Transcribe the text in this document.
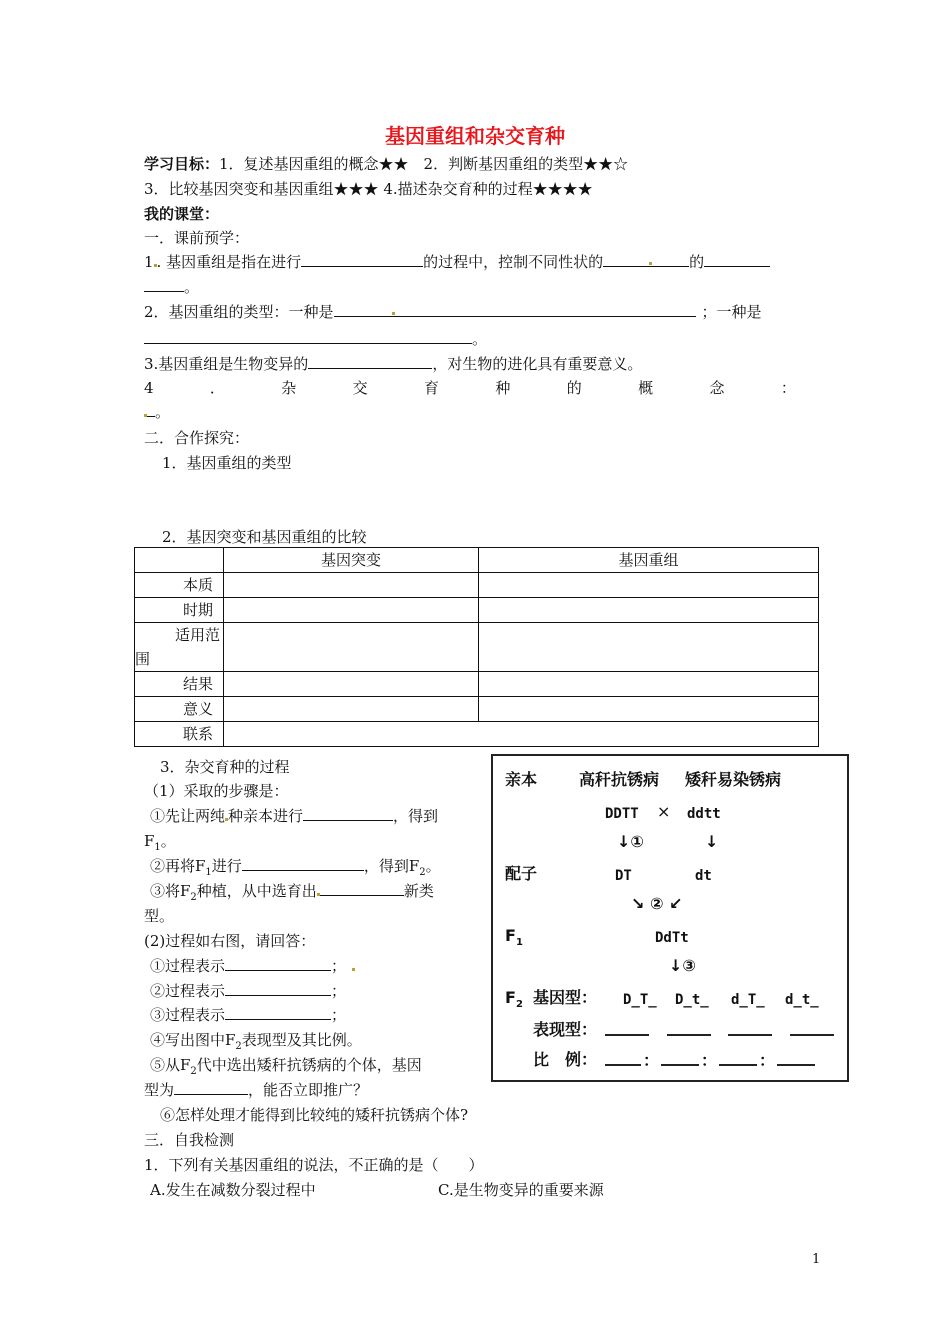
基因重组和杂交育种
学习目标：1．复述基因重组的概念★★　2．判断基因重组的类型★★☆
3．比较基因突变和基因重组★★★ 4.描述杂交育种的过程★★★★
我的课堂：
一．课前预学：
1 . 基因重组是指在进行	的过程中，控制不同性状的	的
。
2．基因重组的类型：一种是	；一种是
。
3.基因重组是生物变异的	，对生物的进化具有重要意义。
4	．	杂	交	育	种	的	概	念	：
。
二．合作探究：
1．基因重组的类型
2．基因突变和基因重组的比较
	基因突变	基因重组
本质		
时期		
适用范围		
结果		
意义		
联系		
3．杂交育种的过程
（1）采取的步骤是：
①先让两纯 种亲本进行	，得到
$F_1$。
②再将$F_1$进行	，得到$F_2$。
③将$F_2$种植，从中选育出	新类
型。
(2)过程如右图，请回答：
①过程表示	；
②过程表示	；
③过程表示	；
④写出图中$F_2$表现型及其比例。
⑤从$F_2$代中选出矮秆抗锈病的个体，基因
型为	，能否立即推广？
⑥怎样处理才能得到比较纯的矮秆抗锈病个体?
亲本	高秆抗锈病 矮秆易染锈病
DDTT × ddtt
↓①	↓
配子	DT	dt
↘ ② ↙
$F_1$	DdTt
↓③
$F_2$ 基因型： D_T_ D_t_ d_T_ d_t_
表现型：

比　例：	：	：	：
三．自我检测
1．下列有关基因重组的说法，不正确的是（　　）
A.发生在减数分裂过程中	C.是生物变异的重要来源
1
